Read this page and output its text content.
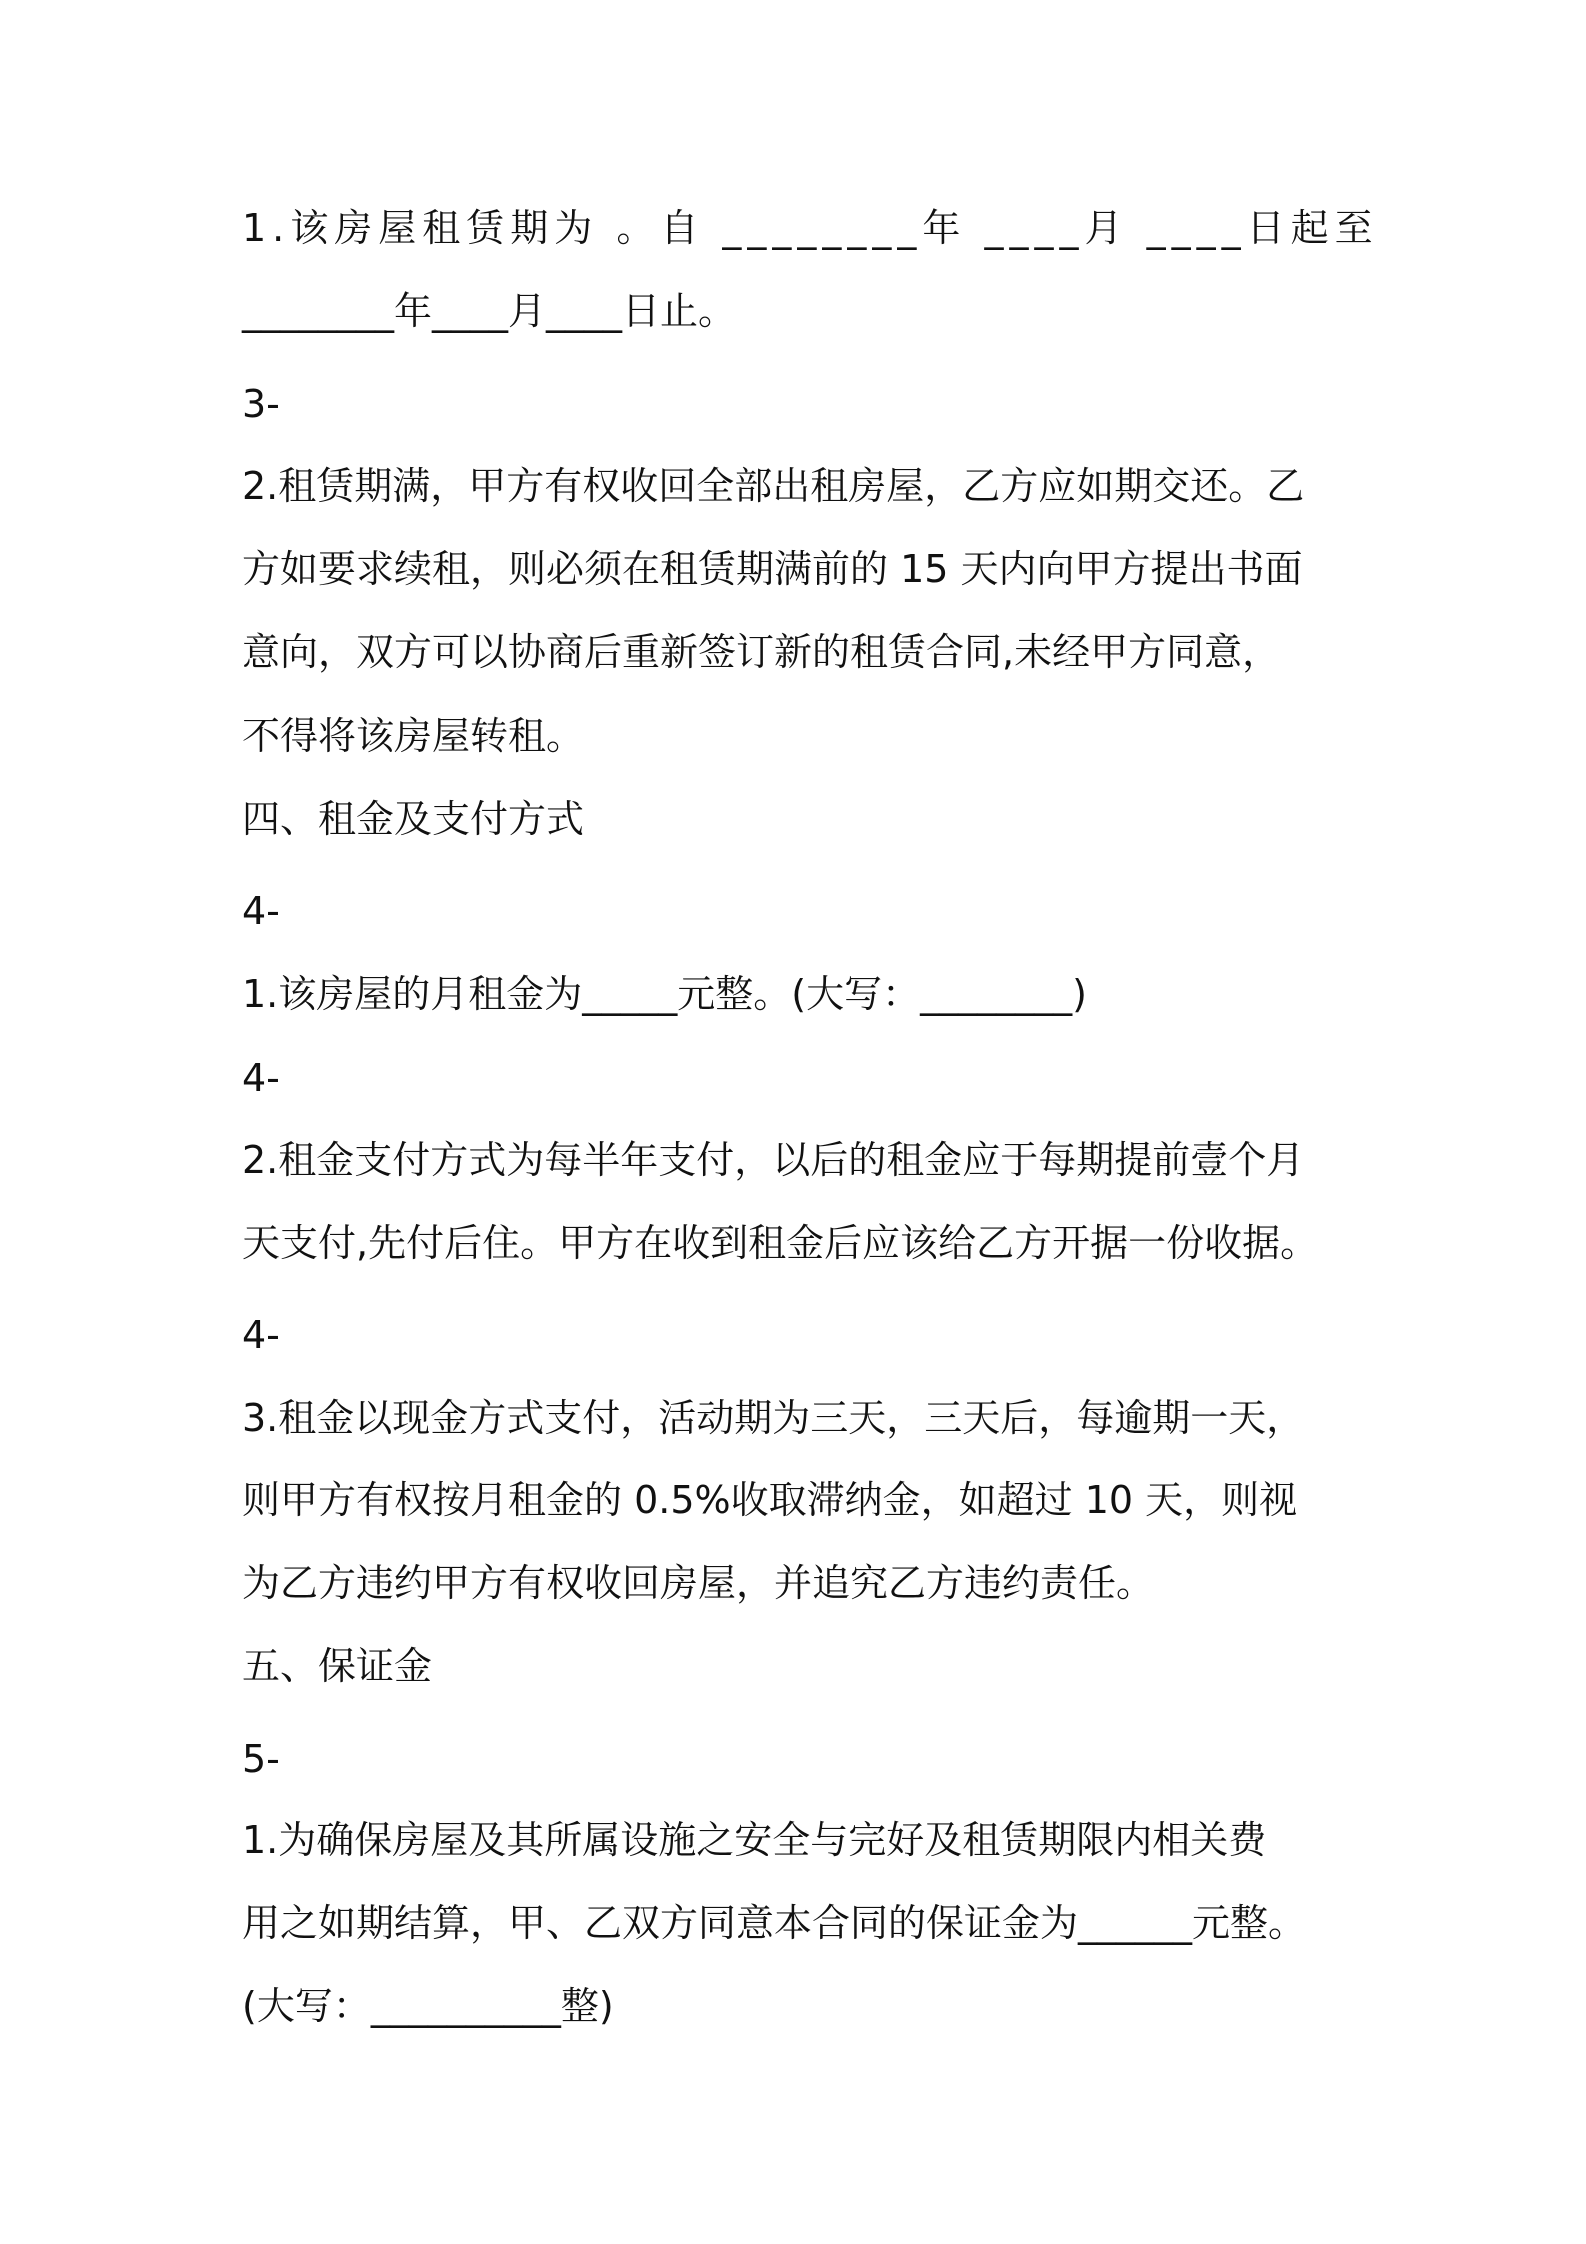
1.该房屋租赁期为 。自 ________年 ____月 ____日起至
________年____月____日止。
3-
2.租赁期满，甲方有权收回全部出租房屋，乙方应如期交还。乙
方如要求续租，则必须在租赁期满前的 15 天内向甲方提出书面
意向，双方可以协商后重新签订新的租赁合同,未经甲方同意，
不得将该房屋转租。
四、租金及支付方式
4-
1.该房屋的月租金为_____元整。(大写：________)
4-
2.租金支付方式为每半年支付，以后的租金应于每期提前壹个月
天支付,先付后住。甲方在收到租金后应该给乙方开据一份收据。
4-
3.租金以现金方式支付，活动期为三天，三天后，每逾期一天，
则甲方有权按月租金的 0.5%收取滞纳金，如超过 10 天，则视
为乙方违约甲方有权收回房屋，并追究乙方违约责任。
五、保证金
5-
1.为确保房屋及其所属设施之安全与完好及租赁期限内相关费
用之如期结算，甲、乙双方同意本合同的保证金为______元整。
(大写：__________整)
